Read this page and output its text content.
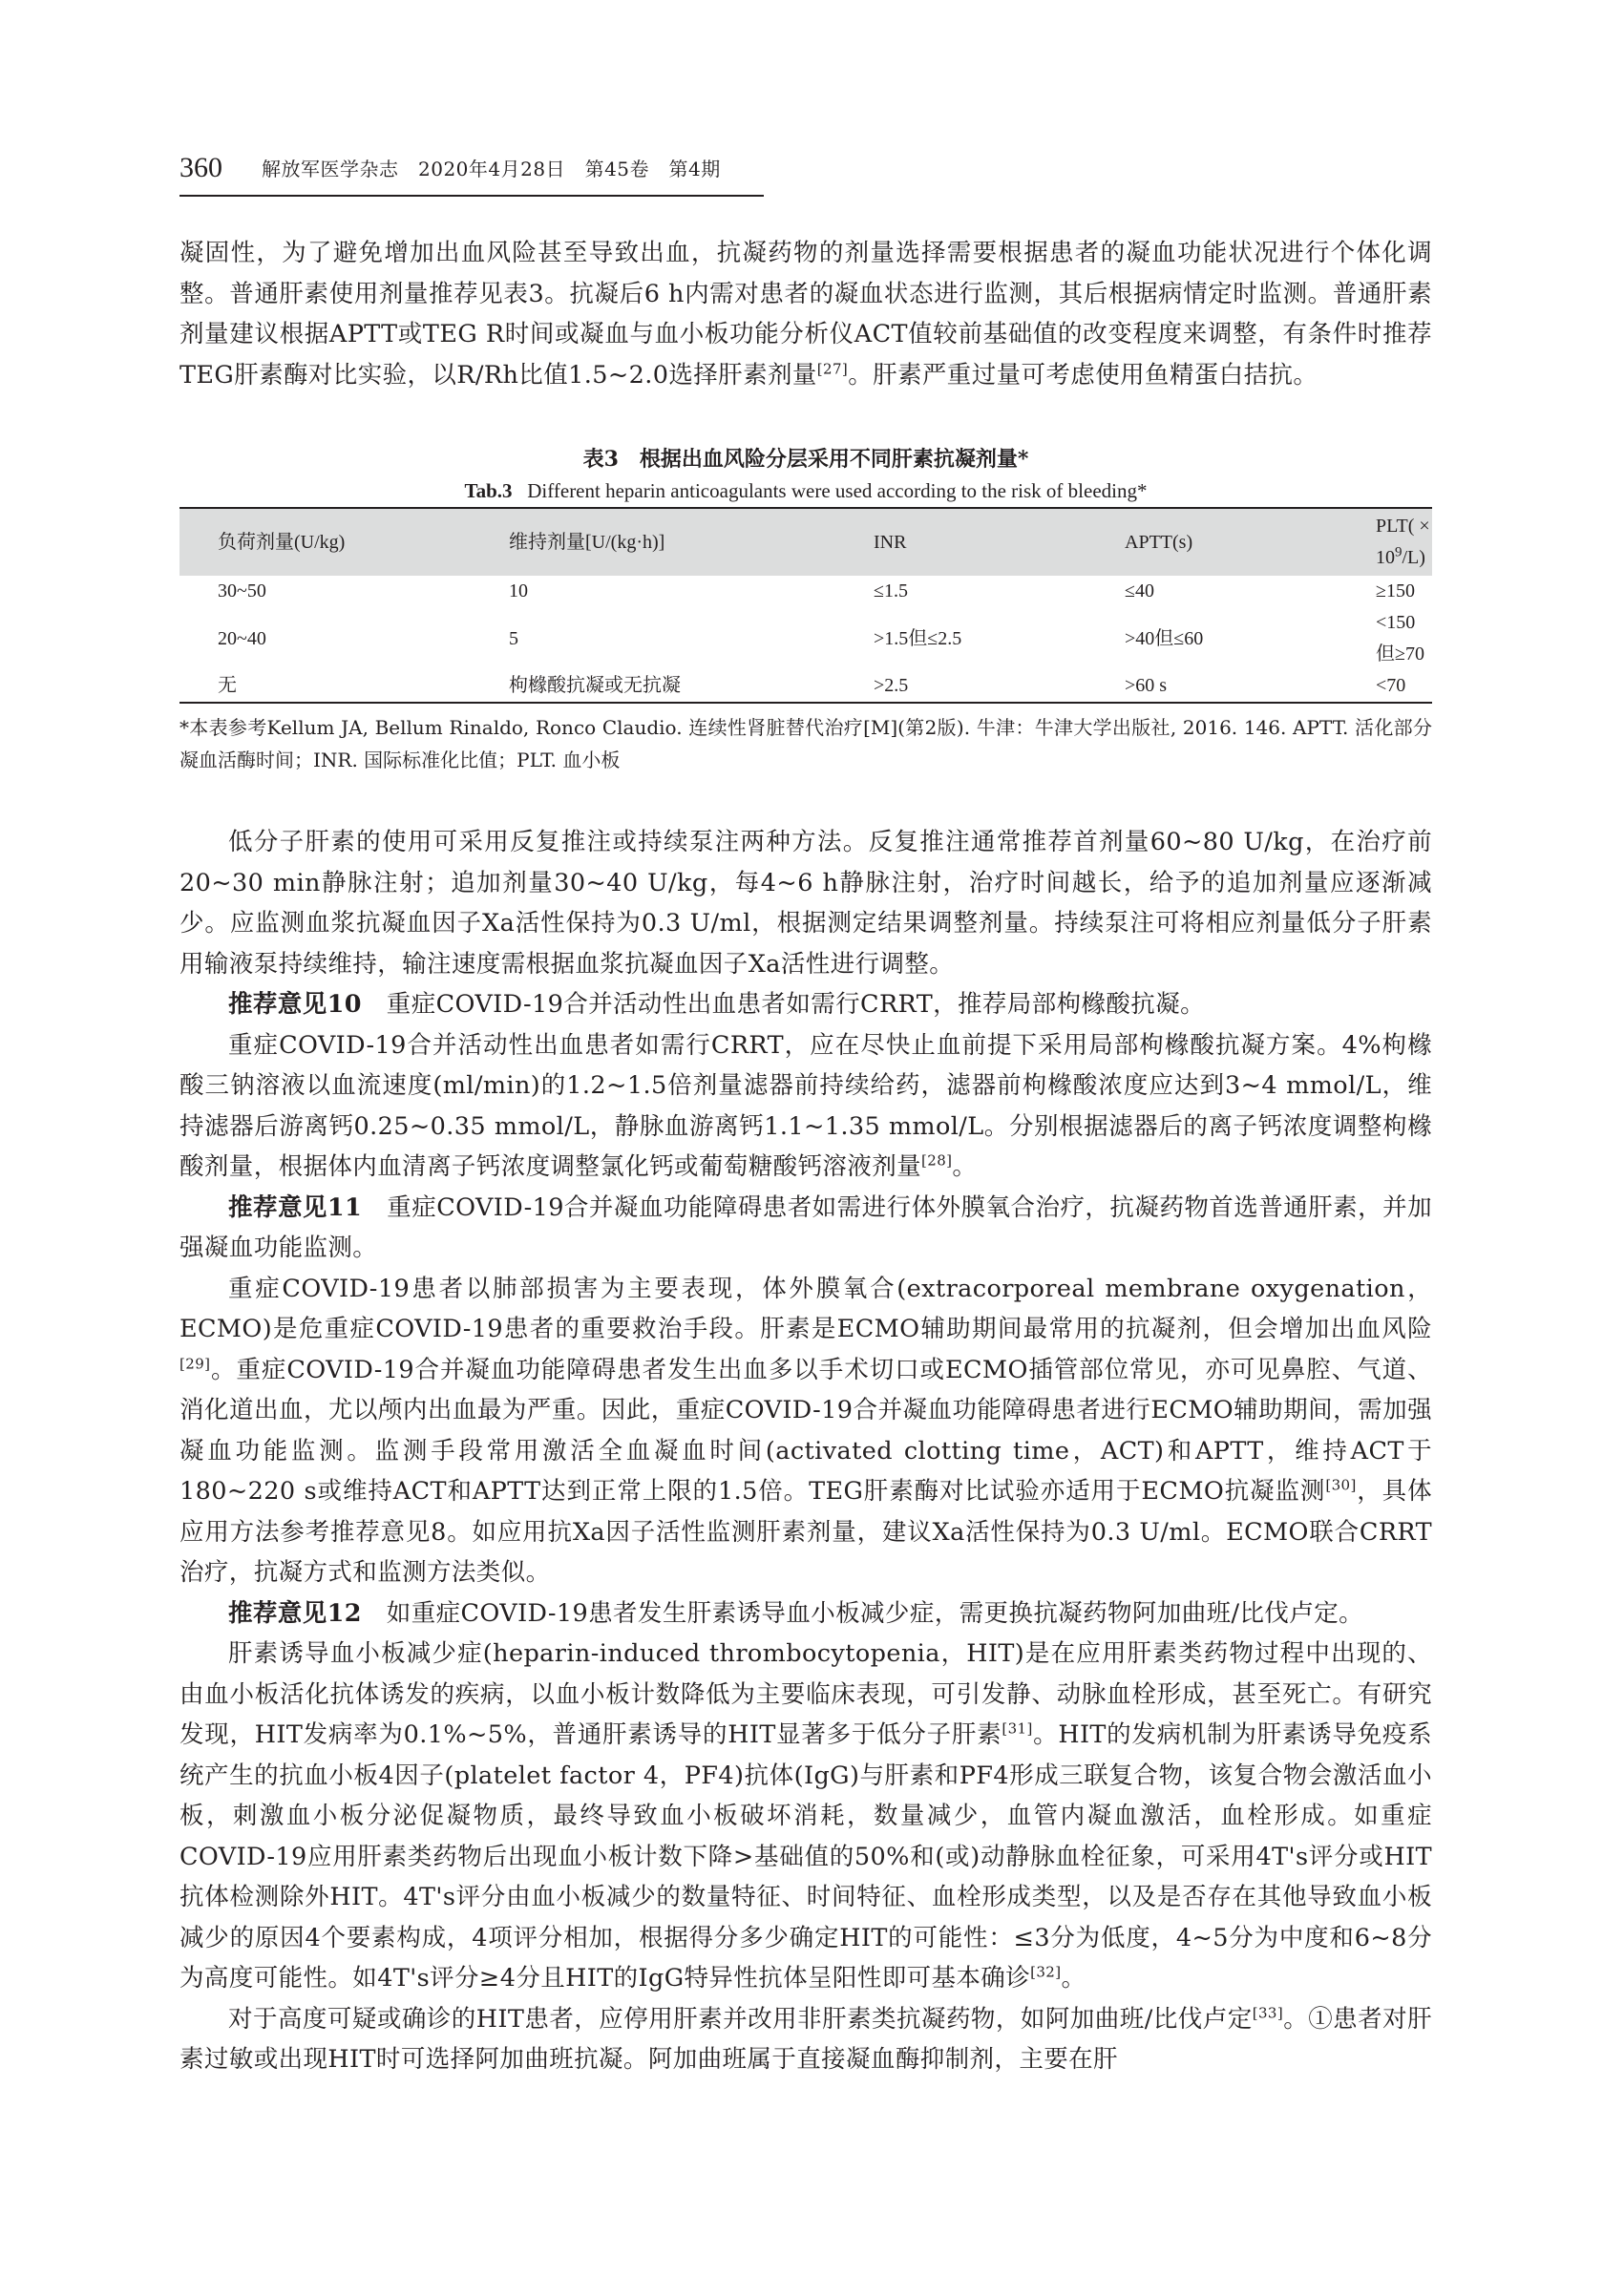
360 解放军医学杂志　2020年4月28日　第45卷　第4期

凝固性，为了避免增加出血风险甚至导致出血，抗凝药物的剂量选择需要根据患者的凝血功能状况进行个体化调整。普通肝素使用剂量推荐见表3。抗凝后6 h内需对患者的凝血状态进行监测，其后根据病情定时监测。普通肝素剂量建议根据APTT或TEG R时间或凝血与血小板功能分析仪ACT值较前基础值的改变程度来调整，有条件时推荐TEG肝素酶对比实验，以R/Rh比值1.5~2.0选择肝素剂量[27]。肝素严重过量可考虑使用鱼精蛋白拮抗。

表3　根据出血风险分层采用不同肝素抗凝剂量*
Tab.3 Different heparin anticoagulants were used according to the risk of bleeding*
负荷剂量(U/kg)	维持剂量[U/(kg·h)]	INR	APTT(s)	$PLT( \times 10^9/L)$
30~50	10	≤1.5	≤40	≥150
20~40	5	>1.5但≤2.5	>40但≤60	<150但≥70
无	枸橼酸抗凝或无抗凝	>2.5	>60 s	<70
*本表参考Kellum JA, Bellum Rinaldo, Ronco Claudio. 连续性肾脏替代治疗[M](第2版). 牛津：牛津大学出版社, 2016. 146. APTT. 活化部分凝血活酶时间；INR. 国际标准化比值；PLT. 血小板

低分子肝素的使用可采用反复推注或持续泵注两种方法。反复推注通常推荐首剂量60~80 U/kg，在治疗前20~30 min静脉注射；追加剂量30~40 U/kg，每4~6 h静脉注射，治疗时间越长，给予的追加剂量应逐渐减少。应监测血浆抗凝血因子Xa活性保持为0.3 U/ml，根据测定结果调整剂量。持续泵注可将相应剂量低分子肝素用输液泵持续维持，输注速度需根据血浆抗凝血因子Xa活性进行调整。

推荐意见10　重症COVID-19合并活动性出血患者如需行CRRT，推荐局部枸橼酸抗凝。

重症COVID-19合并活动性出血患者如需行CRRT，应在尽快止血前提下采用局部枸橼酸抗凝方案。4%枸橼酸三钠溶液以血流速度(ml/min)的1.2~1.5倍剂量滤器前持续给药，滤器前枸橼酸浓度应达到3~4 mmol/L，维持滤器后游离钙0.25~0.35 mmol/L，静脉血游离钙1.1~1.35 mmol/L。分别根据滤器后的离子钙浓度调整枸橼酸剂量，根据体内血清离子钙浓度调整氯化钙或葡萄糖酸钙溶液剂量[28]。

推荐意见11　重症COVID-19合并凝血功能障碍患者如需进行体外膜氧合治疗，抗凝药物首选普通肝素，并加强凝血功能监测。

重症COVID-19患者以肺部损害为主要表现，体外膜氧合(extracorporeal membrane oxygenation，ECMO)是危重症COVID-19患者的重要救治手段。肝素是ECMO辅助期间最常用的抗凝剂，但会增加出血风险[29]。重症COVID-19合并凝血功能障碍患者发生出血多以手术切口或ECMO插管部位常见，亦可见鼻腔、气道、消化道出血，尤以颅内出血最为严重。因此，重症COVID-19合并凝血功能障碍患者进行ECMO辅助期间，需加强凝血功能监测。监测手段常用激活全血凝血时间(activated clotting time，ACT)和APTT，维持ACT于180~220 s或维持ACT和APTT达到正常上限的1.5倍。TEG肝素酶对比试验亦适用于ECMO抗凝监测[30]，具体应用方法参考推荐意见8。如应用抗Xa因子活性监测肝素剂量，建议Xa活性保持为0.3 U/ml。ECMO联合CRRT治疗，抗凝方式和监测方法类似。

推荐意见12　如重症COVID-19患者发生肝素诱导血小板减少症，需更换抗凝药物阿加曲班/比伐卢定。

肝素诱导血小板减少症(heparin-induced thrombocytopenia，HIT)是在应用肝素类药物过程中出现的、由血小板活化抗体诱发的疾病，以血小板计数降低为主要临床表现，可引发静、动脉血栓形成，甚至死亡。有研究发现，HIT发病率为0.1%~5%，普通肝素诱导的HIT显著多于低分子肝素[31]。HIT的发病机制为肝素诱导免疫系统产生的抗血小板4因子(platelet factor 4，PF4)抗体(IgG)与肝素和PF4形成三联复合物，该复合物会激活血小板，刺激血小板分泌促凝物质，最终导致血小板破坏消耗，数量减少，血管内凝血激活，血栓形成。如重症COVID-19应用肝素类药物后出现血小板计数下降>基础值的50%和(或)动静脉血栓征象，可采用4T's评分或HIT抗体检测除外HIT。4T's评分由血小板减少的数量特征、时间特征、血栓形成类型，以及是否存在其他导致血小板减少的原因4个要素构成，4项评分相加，根据得分多少确定HIT的可能性：≤3分为低度，4~5分为中度和6~8分为高度可能性。如4T's评分≥4分且HIT的IgG特异性抗体呈阳性即可基本确诊[32]。

对于高度可疑或确诊的HIT患者，应停用肝素并改用非肝素类抗凝药物，如阿加曲班/比伐卢定[33]。①患者对肝素过敏或出现HIT时可选择阿加曲班抗凝。阿加曲班属于直接凝血酶抑制剂，主要在肝
